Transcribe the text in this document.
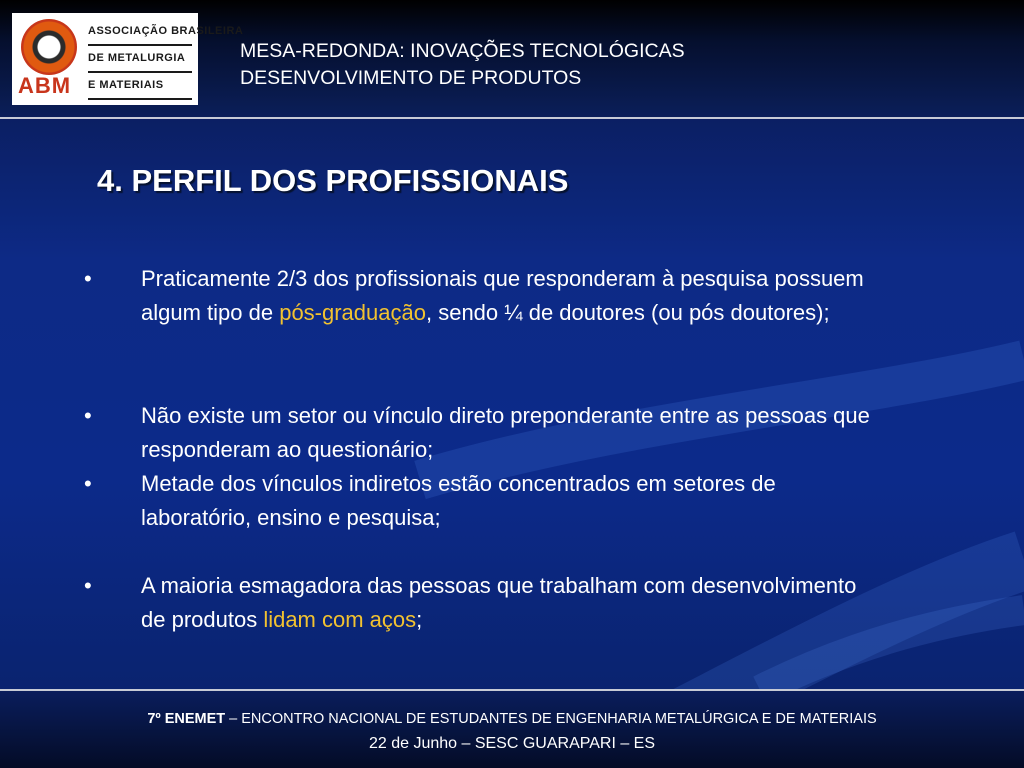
ABM
ASSOCIAÇÃO BRASILEIRA
DE METALURGIA
E MATERIAIS
MESA-REDONDA: INOVAÇÕES TECNOLÓGICAS
DESENVOLVIMENTO DE PRODUTOS
4. PERFIL DOS PROFISSIONAIS
• Praticamente 2/3 dos profissionais que responderam à pesquisa possuem algum tipo de pós-graduação, sendo ¼ de doutores (ou pós doutores);
• Não existe um setor ou vínculo direto preponderante entre as pessoas que responderam ao questionário;
• Metade dos vínculos indiretos estão concentrados em setores de laboratório, ensino e pesquisa;
• A maioria esmagadora das pessoas que trabalham com desenvolvimento de produtos lidam com aços;
7º ENEMET – ENCONTRO NACIONAL DE ESTUDANTES DE ENGENHARIA METALÚRGICA E DE MATERIAIS
22 de Junho – SESC GUARAPARI – ES
